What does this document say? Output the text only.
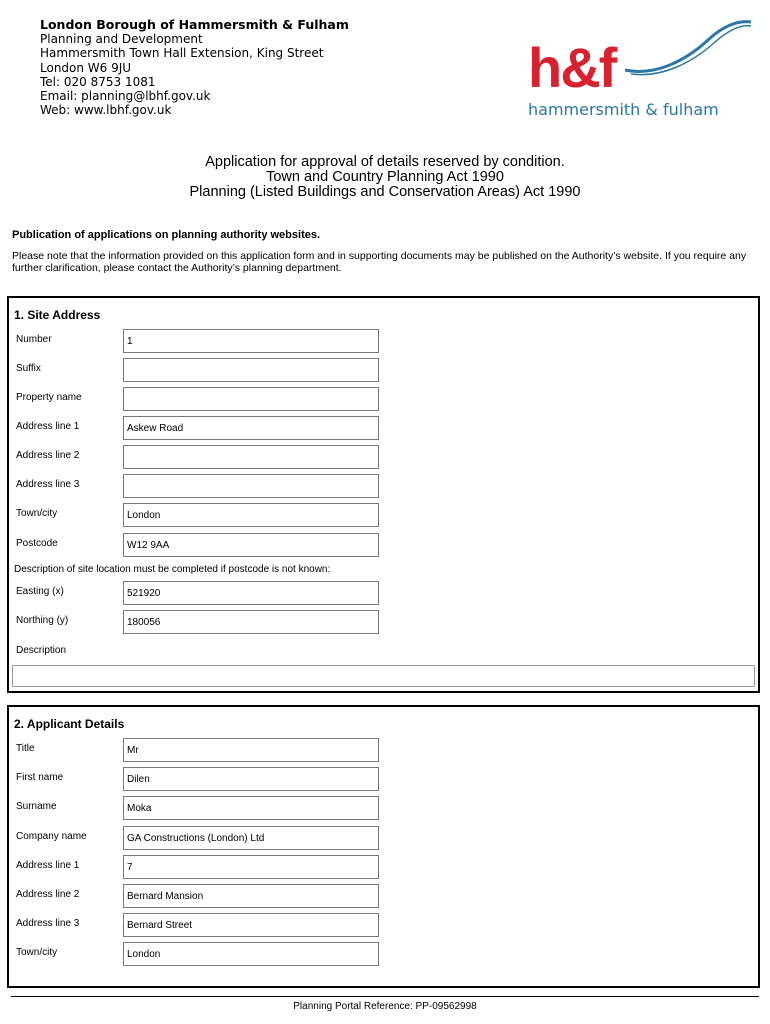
London Borough of Hammersmith & Fulham
Planning and Development
Hammersmith Town Hall Extension, King Street
London W6 9JU
Tel: 020 8753 1081
Email: planning@lbhf.gov.uk
Web: www.lbhf.gov.uk
h&f
hammersmith & fulham
Application for approval of details reserved by condition.
Town and Country Planning Act 1990
Planning (Listed Buildings and Conservation Areas) Act 1990
Publication of applications on planning authority websites.
Please note that the information provided on this application form and in supporting documents may be published on the Authority’s website. If you require any further clarification, please contact the Authority’s planning department.
1. Site Address
Number	1
Suffix
Property name
Address line 1	Askew Road
Address line 2
Address line 3
Town/city	London
Postcode	W12 9AA
Description of site location must be completed if postcode is not known:
Easting (x)	521920
Northing (y)	180056
Description
2. Applicant Details
Title	Mr
First name	Dilen
Surname	Moka
Company name	GA Constructions (London) Ltd
Address line 1	7
Address line 2	Bernard Mansion
Address line 3	Bernard Street
Town/city	London
Planning Portal Reference: PP-09562998
